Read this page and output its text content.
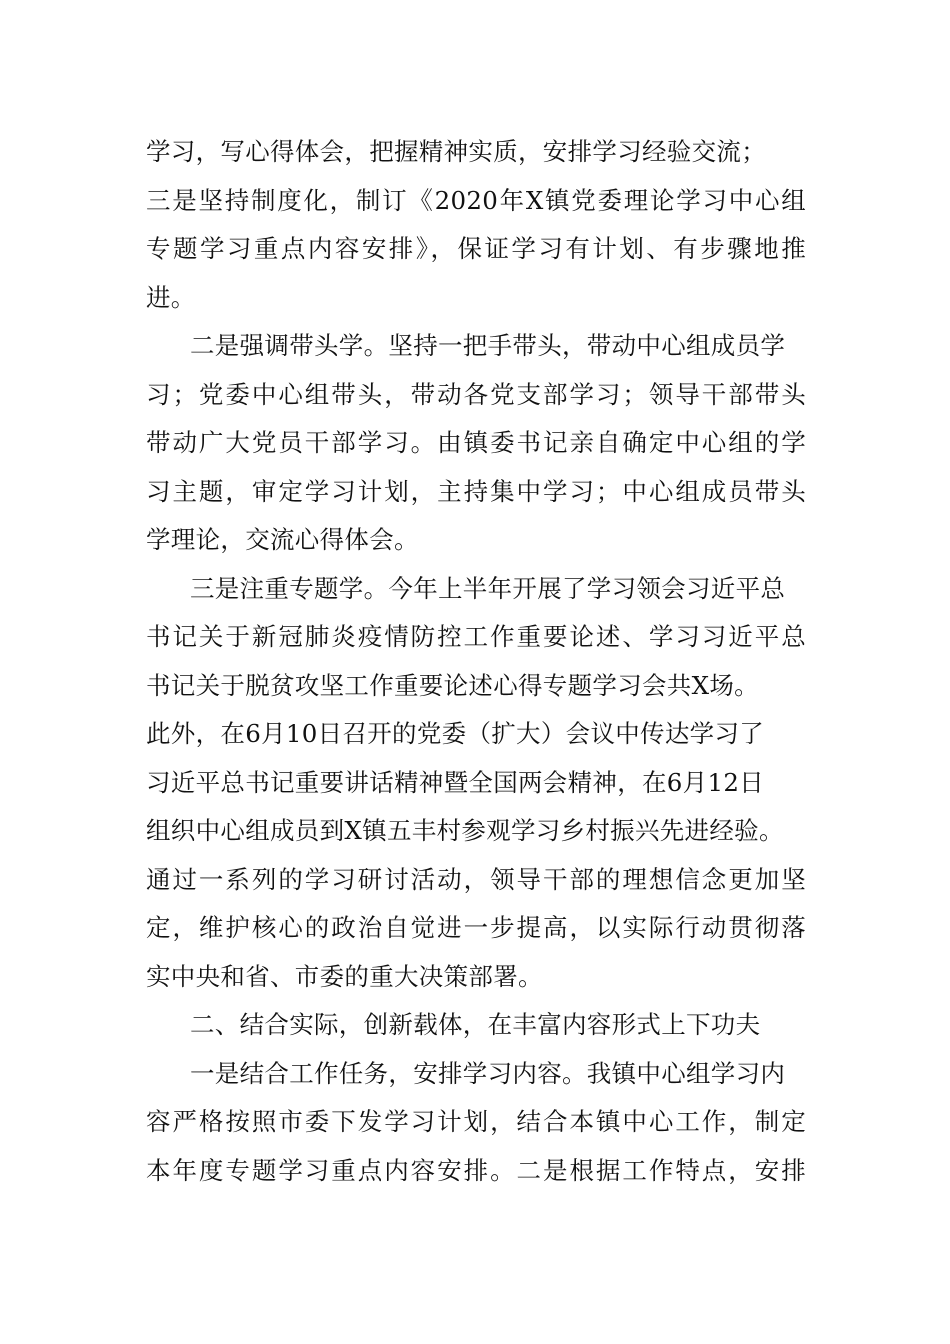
学习，写心得体会，把握精神实质，安排学习经验交流；
三是坚持制度化，制订《2020年X镇党委理论学习中心组
专题学习重点内容安排》，保证学习有计划、有步骤地推
进。
二是强调带头学。坚持一把手带头，带动中心组成员学
习；党委中心组带头，带动各党支部学习；领导干部带头
带动广大党员干部学习。由镇委书记亲自确定中心组的学
习主题，审定学习计划，主持集中学习；中心组成员带头
学理论，交流心得体会。
三是注重专题学。今年上半年开展了学习领会习近平总
书记关于新冠肺炎疫情防控工作重要论述、学习习近平总
书记关于脱贫攻坚工作重要论述心得专题学习会共X场。
此外，在6月10日召开的党委（扩大）会议中传达学习了
习近平总书记重要讲话精神暨全国两会精神，在6月12日
组织中心组成员到X镇五丰村参观学习乡村振兴先进经验。
通过一系列的学习研讨活动，领导干部的理想信念更加坚
定，维护核心的政治自觉进一步提高，以实际行动贯彻落
实中央和省、市委的重大决策部署。
二、结合实际，创新载体，在丰富内容形式上下功夫
一是结合工作任务，安排学习内容。我镇中心组学习内
容严格按照市委下发学习计划，结合本镇中心工作，制定
本年度专题学习重点内容安排。二是根据工作特点，安排
